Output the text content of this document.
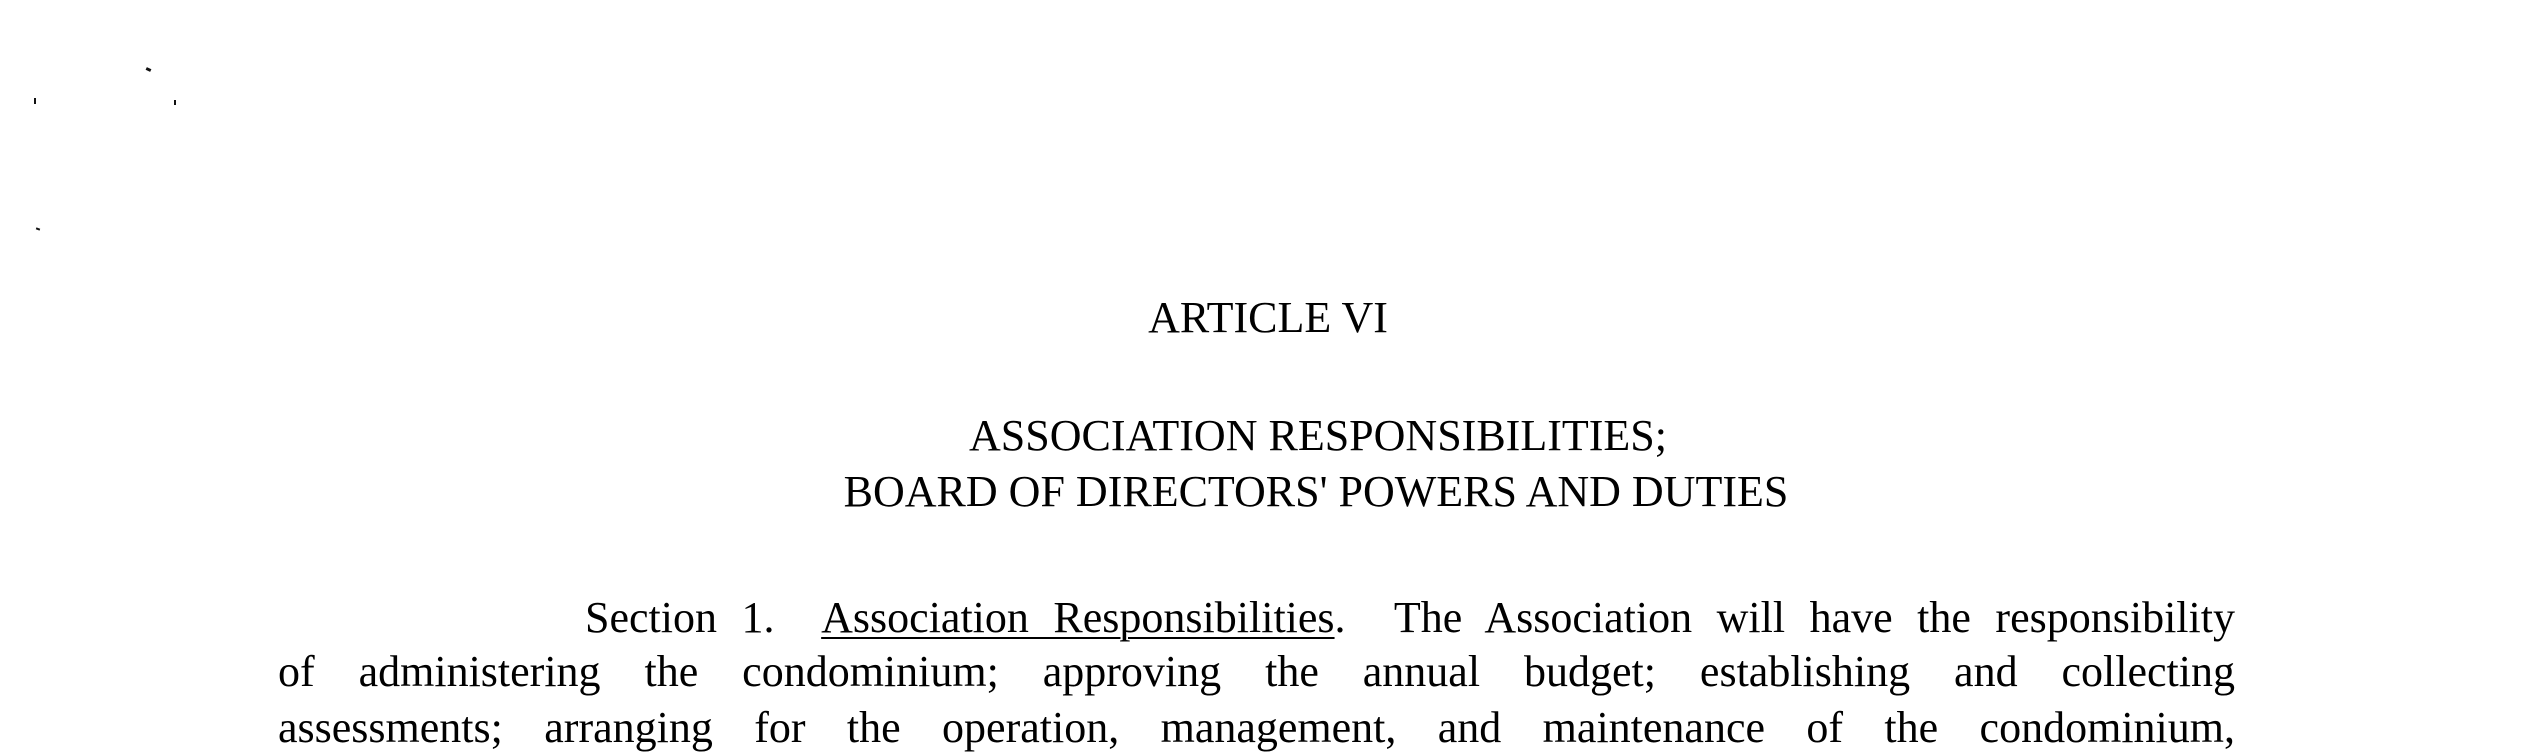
ARTICLE VI
ASSOCIATION RESPONSIBILITIES;
BOARD OF DIRECTORS' POWERS AND DUTIES
Section 1. Association Responsibilities. The Association will have the responsibility
of administering the condominium; approving the annual budget; establishing and collecting
assessments; arranging for the operation, management, and maintenance of the condominium,
